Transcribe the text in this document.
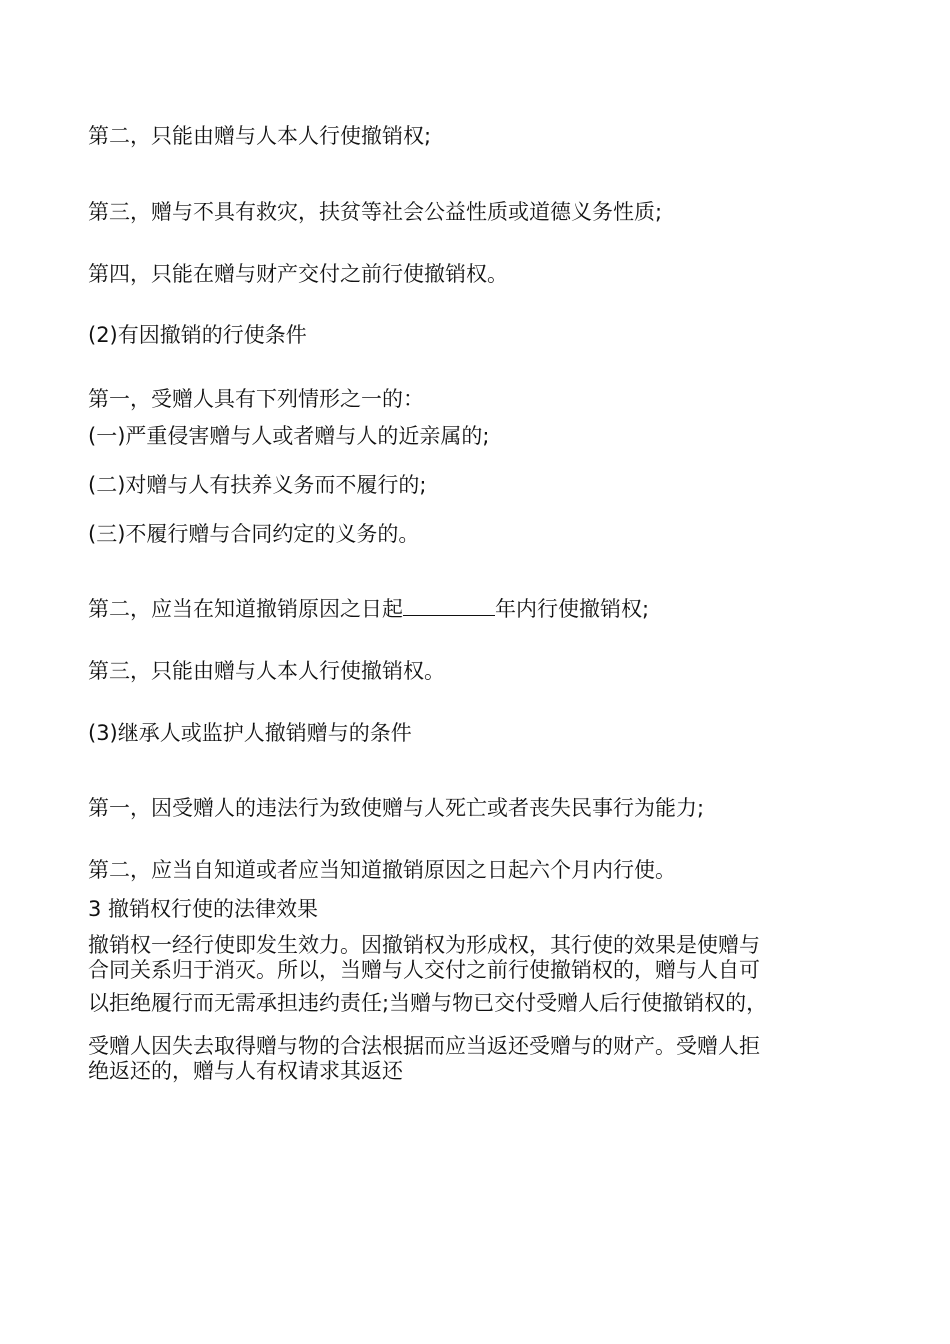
第二，只能由赠与人本人行使撤销权;

第三，赠与不具有救灾，扶贫等社会公益性质或道德义务性质;

第四，只能在赠与财产交付之前行使撤销权。

(2)有因撤销的行使条件

第一，受赠人具有下列情形之一的：

(一)严重侵害赠与人或者赠与人的近亲属的;

(二)对赠与人有扶养义务而不履行的;

(三)不履行赠与合同约定的义务的。

第二，应当在知道撤销原因之日起	年内行使撤销权;

第三，只能由赠与人本人行使撤销权。

(3)继承人或监护人撤销赠与的条件

第一，因受赠人的违法行为致使赠与人死亡或者丧失民事行为能力;

第二，应当自知道或者应当知道撤销原因之日起六个月内行使。

3 撤销权行使的法律效果

撤销权一经行使即发生效力。因撤销权为形成权，其行使的效果是使赠与

合同关系归于消灭。所以，当赠与人交付之前行使撤销权的，赠与人自可

以拒绝履行而无需承担违约责任;当赠与物已交付受赠人后行使撤销权的，

受赠人因失去取得赠与物的合法根据而应当返还受赠与的财产。受赠人拒

绝返还的，赠与人有权请求其返还
